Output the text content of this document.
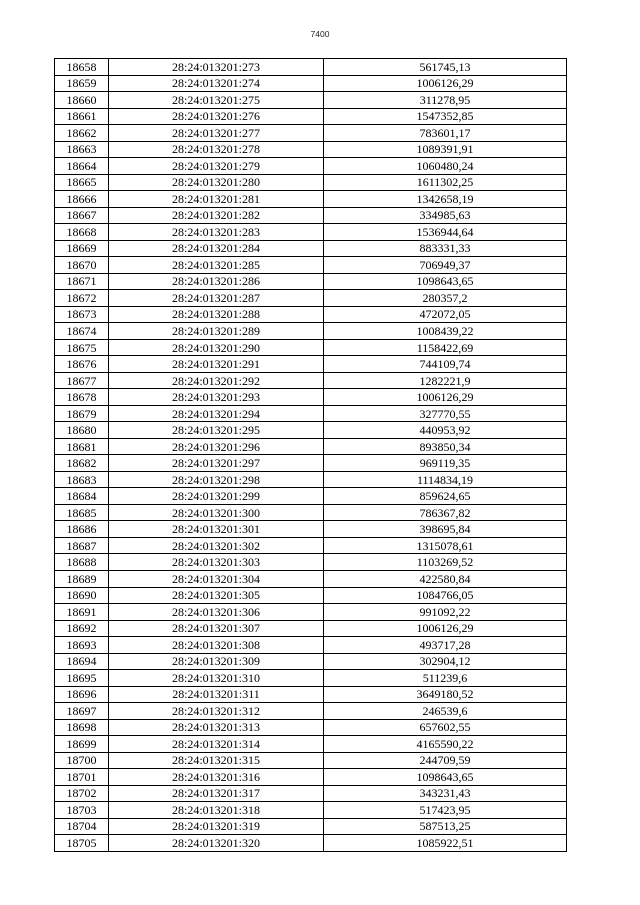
7400
18658	28:24:013201:273	561745,13
18659	28:24:013201:274	1006126,29
18660	28:24:013201:275	311278,95
18661	28:24:013201:276	1547352,85
18662	28:24:013201:277	783601,17
18663	28:24:013201:278	1089391,91
18664	28:24:013201:279	1060480,24
18665	28:24:013201:280	1611302,25
18666	28:24:013201:281	1342658,19
18667	28:24:013201:282	334985,63
18668	28:24:013201:283	1536944,64
18669	28:24:013201:284	883331,33
18670	28:24:013201:285	706949,37
18671	28:24:013201:286	1098643,65
18672	28:24:013201:287	280357,2
18673	28:24:013201:288	472072,05
18674	28:24:013201:289	1008439,22
18675	28:24:013201:290	1158422,69
18676	28:24:013201:291	744109,74
18677	28:24:013201:292	1282221,9
18678	28:24:013201:293	1006126,29
18679	28:24:013201:294	327770,55
18680	28:24:013201:295	440953,92
18681	28:24:013201:296	893850,34
18682	28:24:013201:297	969119,35
18683	28:24:013201:298	1114834,19
18684	28:24:013201:299	859624,65
18685	28:24:013201:300	786367,82
18686	28:24:013201:301	398695,84
18687	28:24:013201:302	1315078,61
18688	28:24:013201:303	1103269,52
18689	28:24:013201:304	422580,84
18690	28:24:013201:305	1084766,05
18691	28:24:013201:306	991092,22
18692	28:24:013201:307	1006126,29
18693	28:24:013201:308	493717,28
18694	28:24:013201:309	302904,12
18695	28:24:013201:310	511239,6
18696	28:24:013201:311	3649180,52
18697	28:24:013201:312	246539,6
18698	28:24:013201:313	657602,55
18699	28:24:013201:314	4165590,22
18700	28:24:013201:315	244709,59
18701	28:24:013201:316	1098643,65
18702	28:24:013201:317	343231,43
18703	28:24:013201:318	517423,95
18704	28:24:013201:319	587513,25
18705	28:24:013201:320	1085922,51
